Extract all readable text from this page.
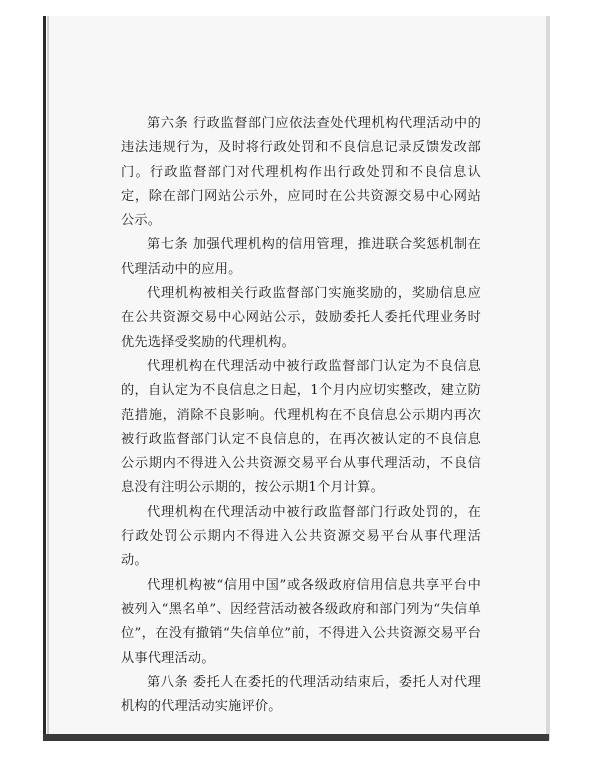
第六条 行政监督部门应依法查处代理机构代理活动中的违法违规行为，及时将行政处罚和不良信息记录反馈发改部门。行政监督部门对代理机构作出行政处罚和不良信息认定，除在部门网站公示外，应同时在公共资源交易中心网站公示。

第七条 加强代理机构的信用管理，推进联合奖惩机制在代理活动中的应用。

代理机构被相关行政监督部门实施奖励的，奖励信息应在公共资源交易中心网站公示，鼓励委托人委托代理业务时优先选择受奖励的代理机构。

代理机构在代理活动中被行政监督部门认定为不良信息的，自认定为不良信息之日起，1个月内应切实整改，建立防范措施，消除不良影响。代理机构在不良信息公示期内再次被行政监督部门认定不良信息的，在再次被认定的不良信息公示期内不得进入公共资源交易平台从事代理活动，不良信息没有注明公示期的，按公示期1个月计算。

代理机构在代理活动中被行政监督部门行政处罚的，在行政处罚公示期内不得进入公共资源交易平台从事代理活动。

代理机构被“信用中国”或各级政府信用信息共享平台中被列入“黑名单”、因经营活动被各级政府和部门列为“失信单位”，在没有撤销“失信单位”前，不得进入公共资源交易平台从事代理活动。

第八条 委托人在委托的代理活动结束后，委托人对代理机构的代理活动实施评价。
